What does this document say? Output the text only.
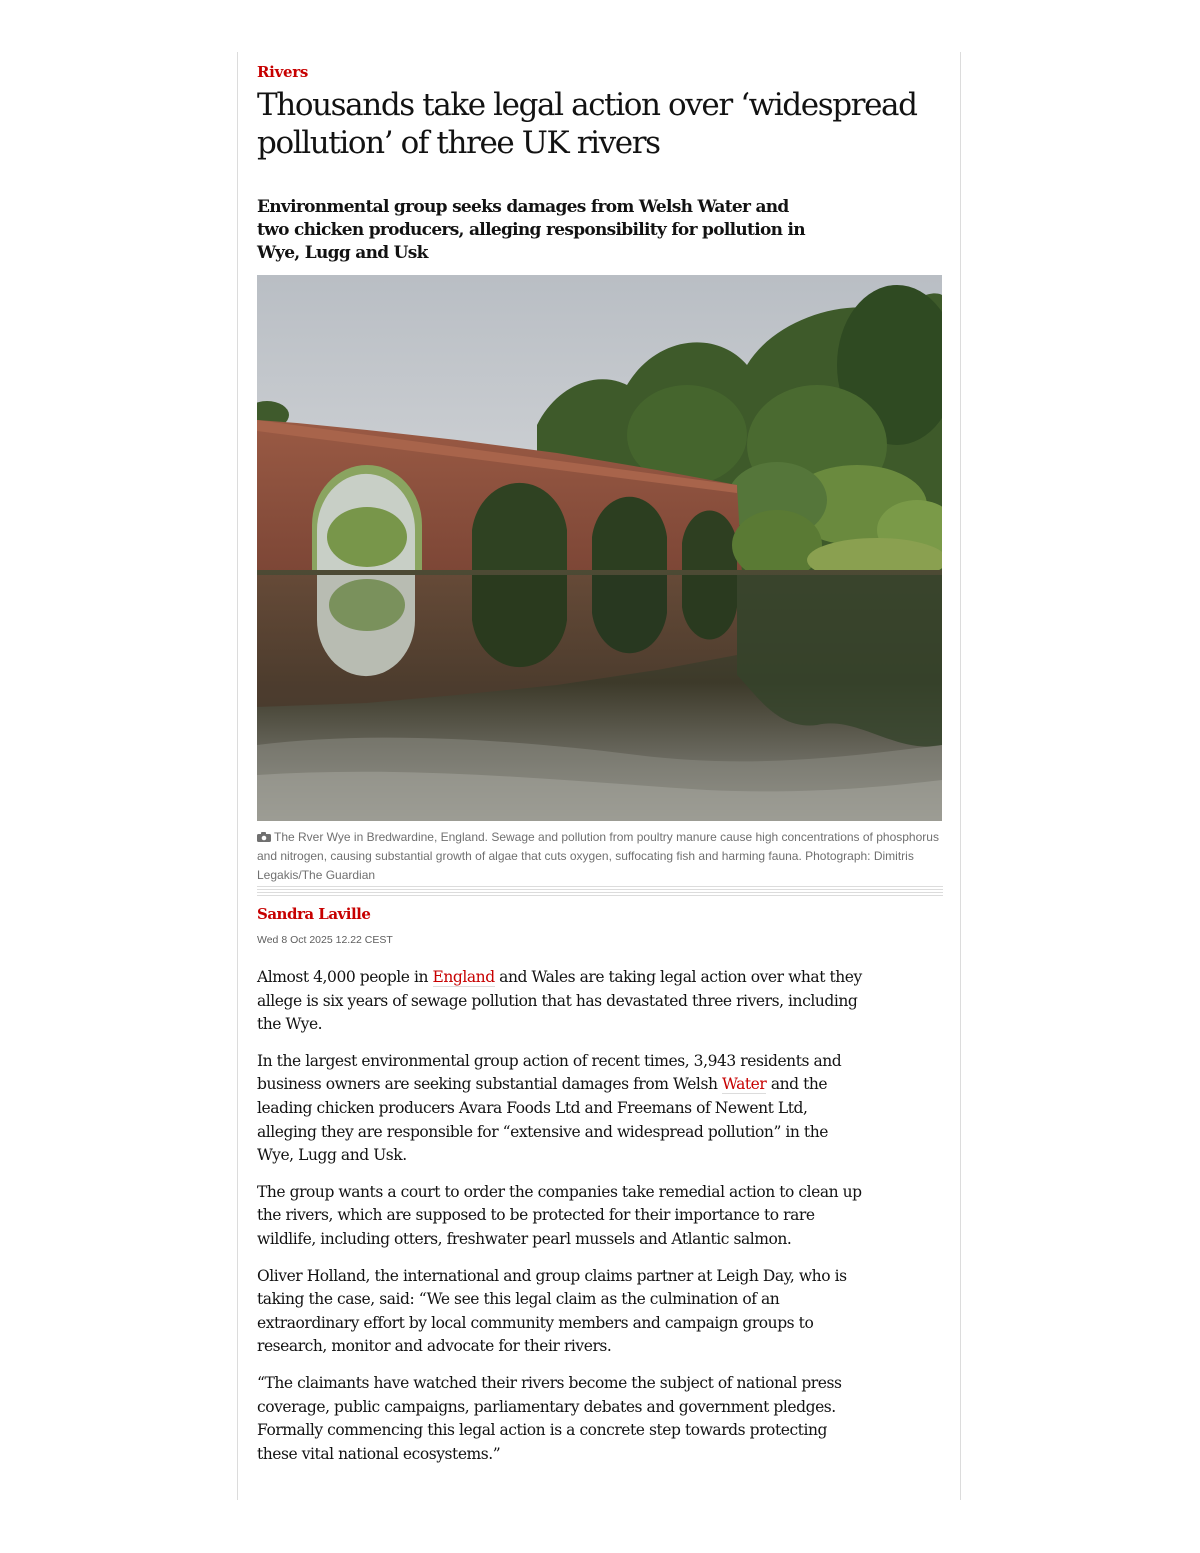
Rivers
Thousands take legal action over ‘widespread pollution’ of three UK rivers

Environmental group seeks damages from Welsh Water and two chicken producers, alleging responsibility for pollution in Wye, Lugg and Usk

The Rver Wye in Bredwardine, England. Sewage and pollution from poultry manure cause high concentrations of phosphorus and nitrogen, causing substantial growth of algae that cuts oxygen, suffocating fish and harming fauna. Photograph: Dimitris Legakis/The Guardian
Sandra Laville
Wed 8 Oct 2025 12.22 CEST

Almost 4,000 people in England and Wales are taking legal action over what they allege is six years of sewage pollution that has devastated three rivers, including the Wye.

In the largest environmental group action of recent times, 3,943 residents and business owners are seeking substantial damages from Welsh Water and the leading chicken producers Avara Foods Ltd and Freemans of Newent Ltd, alleging they are responsible for “extensive and widespread pollution” in the Wye, Lugg and Usk.

The group wants a court to order the companies take remedial action to clean up the rivers, which are supposed to be protected for their importance to rare wildlife, including otters, freshwater pearl mussels and Atlantic salmon.

Oliver Holland, the international and group claims partner at Leigh Day, who is taking the case, said: “We see this legal claim as the culmination of an extraordinary effort by local community members and campaign groups to research, monitor and advocate for their rivers.

“The claimants have watched their rivers become the subject of national press coverage, public campaigns, parliamentary debates and government pledges. Formally commencing this legal action is a concrete step towards protecting these vital national ecosystems.”
